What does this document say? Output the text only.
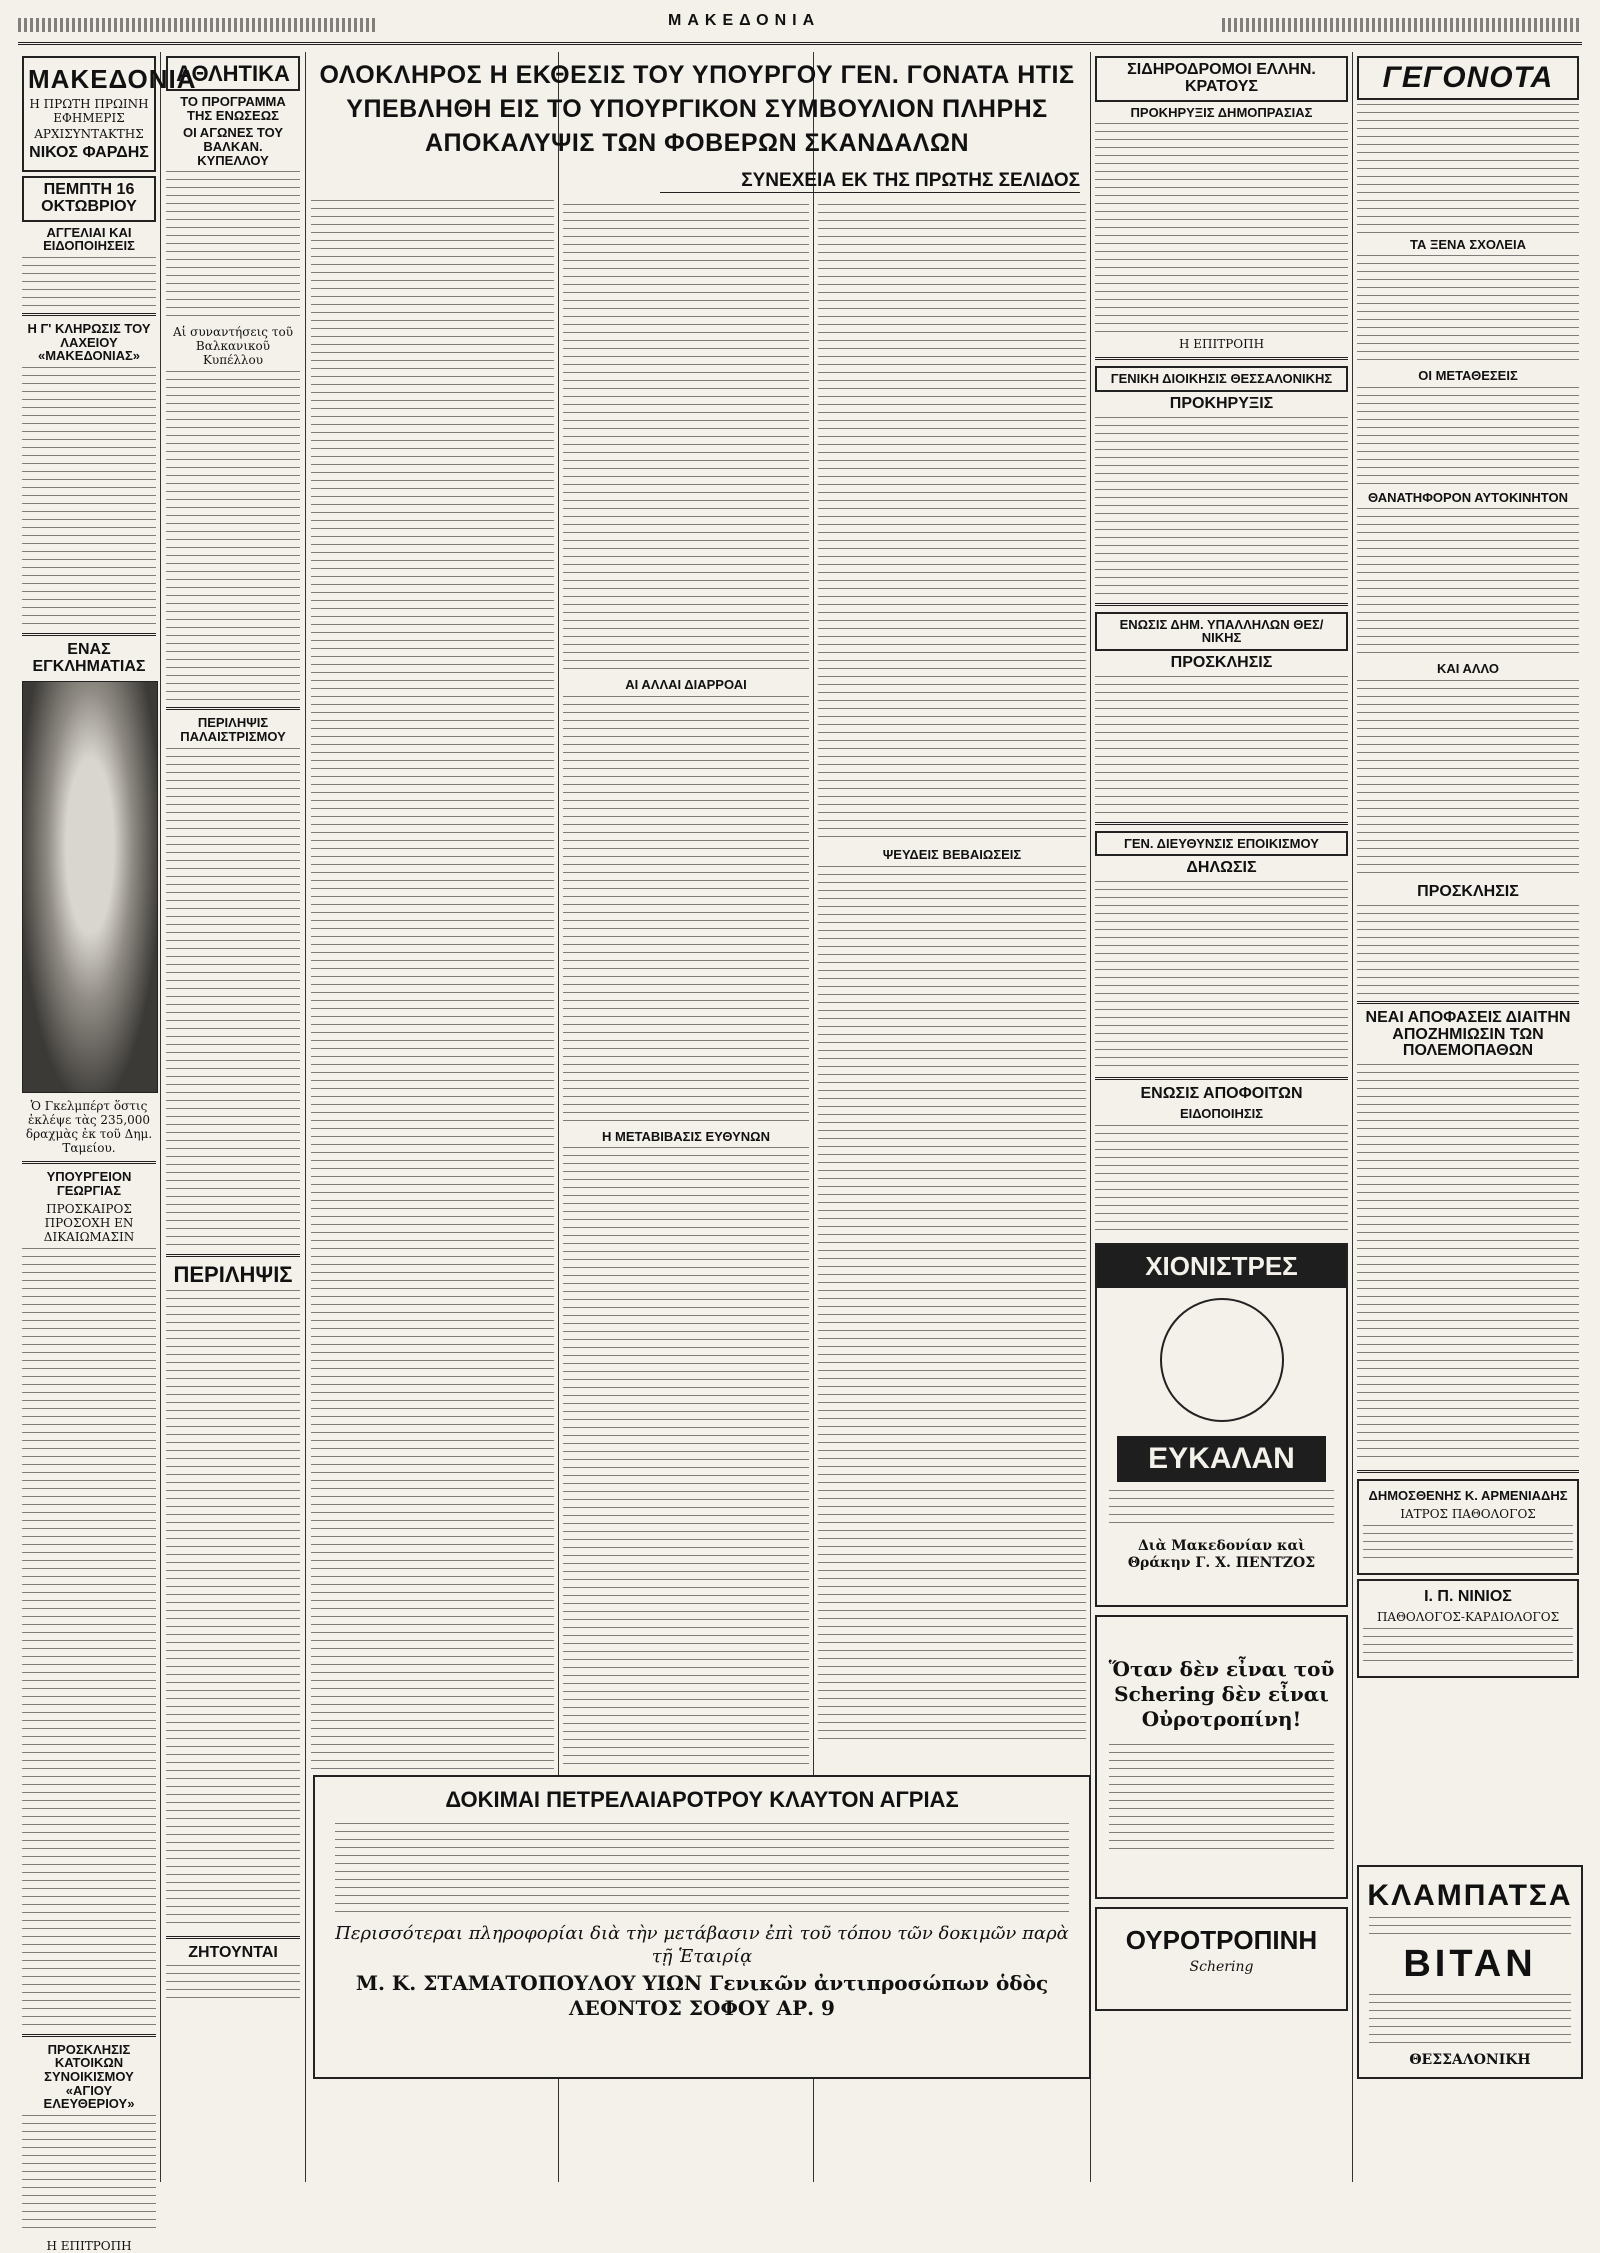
ΜΑΚΕΔΟΝΙΑ
ΜΑΚΕΔΟΝΙΑ
Η ΠΡΩΤΗ ΠΡΩΙΝΗ ΕΦΗΜΕΡΙΣ
ΑΡΧΙΣΥΝΤΑΚΤΗΣ
ΝΙΚΟΣ ΦΑΡΔΗΣ
ΠΕΜΠΤΗ 16 ΟΚΤΩΒΡΙΟΥ
ΑΓΓΕΛΙΑΙ ΚΑΙ ΕΙΔΟΠΟΙΗΣΕΙΣ
Η Γ' ΚΛΗΡΩΣΙΣ ΤΟΥ ΛΑΧΕΙΟΥ «ΜΑΚΕΔΟΝΙΑΣ»
ΕΝΑΣ ΕΓΚΛΗΜΑΤΙΑΣ
Ὁ Γκελμπέρτ ὅστις ἐκλέψε τὰς 235,000 δραχμὰς ἐκ τοῦ Δημ. Ταμείου.
ΥΠΟΥΡΓΕΙΟΝ ΓΕΩΡΓΙΑΣ
ΠΡΟΣΚΑΙΡΟΣ ΠΡΟΣΟΧΗ ΕΝ ΔΙΚΑΙΩΜΑΣΙΝ
ΠΡΟΣΚΛΗΣΙΣ ΚΑΤΟΙΚΩΝ ΣΥΝΟΙΚΙΣΜΟΥ «ΑΓΙΟΥ ΕΛΕΥΘΕΡΙΟΥ»
Η ΕΠΙΤΡΟΠΗ
ΑΘΛΗΤΙΚΑ
ΤΟ ΠΡΟΓΡΑΜΜΑ ΤΗΣ ΕΝΩΣΕΩΣ
ΟΙ ΑΓΩΝΕΣ ΤΟΥ ΒΑΛΚΑΝ. ΚΥΠΕΛΛΟΥ
Αἱ συναντήσεις τοῦ Βαλκανικοῦ Κυπέλλου
ΠΕΡΙΛΗΨΙΣ ΠΑΛΑΙΣΤΡΙΣΜΟΥ
ΠΕΡΙΛΗΨΙΣ
ΖΗΤΟΥΝΤΑΙ
ΟΛΟΚΛΗΡΟΣ Η ΕΚΘΕΣΙΣ ΤΟΥ ΥΠΟΥΡΓΟΥ ΓΕΝ. ΓΟΝΑΤΑ ΗΤΙΣ ΥΠΕΒΛΗΘΗ ΕΙΣ ΤΟ ΥΠΟΥΡΓΙΚΟΝ ΣΥΜΒΟΥΛΙΟΝ ΠΛΗΡΗΣ ΑΠΟΚΑΛΥΨΙΣ ΤΩΝ ΦΟΒΕΡΩΝ ΣΚΑΝΔΑΛΩΝ
ΣΥΝΕΧΕΙΑ ΕΚ ΤΗΣ ΠΡΩΤΗΣ ΣΕΛΙΔΟΣ
ΑΙ ΑΛΛΑΙ ΔΙΑΡΡΟΑΙ
Η ΜΕΤΑΒΙΒΑΣΙΣ ΕΥΘΥΝΩΝ
ΨΕΥΔΕΙΣ ΒΕΒΑΙΩΣΕΙΣ
ΔΟΚΙΜΑΙ ΠΕΤΡΕΛΑΙΑΡΟΤΡΟΥ ΚΛΑΥΤΟΝ ΑΓΡΙΑΣ
Περισσότεραι πληροφορίαι διὰ τὴν μετάβασιν ἐπὶ τοῦ τόπου τῶν δοκιμῶν παρὰ τῇ Ἑταιρίᾳ
Μ. Κ. ΣΤΑΜΑΤΟΠΟΥΛΟΥ ΥΙΩΝ Γενικῶν ἀντιπροσώπων ὁδὸς ΛΕΟΝΤΟΣ ΣΟΦΟΥ ΑΡ. 9
ΣΙΔΗΡΟΔΡΟΜΟΙ ΕΛΛΗΝ. ΚΡΑΤΟΥΣ
ΠΡΟΚΗΡΥΞΙΣ ΔΗΜΟΠΡΑΣΙΑΣ
Η ΕΠΙΤΡΟΠΗ
ΓΕΝΙΚΗ ΔΙΟΙΚΗΣΙΣ ΘΕΣΣΑΛΟΝΙΚΗΣ
ΠΡΟΚΗΡΥΞΙΣ
ΕΝΩΣΙΣ ΔΗΜ. ΥΠΑΛΛΗΛΩΝ ΘΕΣ/ΝΙΚΗΣ
ΠΡΟΣΚΛΗΣΙΣ
ΓΕΝ. ΔΙΕΥΘΥΝΣΙΣ ΕΠΟΙΚΙΣΜΟΥ
ΔΗΛΩΣΙΣ
ΕΝΩΣΙΣ ΑΠΟΦΟΙΤΩΝ
ΕΙΔΟΠΟΙΗΣΙΣ
ΧΙΟΝΙΣΤΡΕΣ
ΕΥΚΑΛΑΝ
Διὰ Μακεδονίαν καὶ Θράκην Γ. Χ. ΠΕΝΤΖΟΣ
Ὅταν δὲν εἶναι τοῦ Schering δὲν εἶναι Οὐροτροπίνη!
ΟΥΡΟΤΡΟΠΙΝΗ
Schering
ΓΕΓΟΝΟΤΑ
ΤΑ ΞΕΝΑ ΣΧΟΛΕΙΑ
ΟΙ ΜΕΤΑΘΕΣΕΙΣ
ΘΑΝΑΤΗΦΟΡΟΝ ΑΥΤΟΚΙΝΗΤΟΝ
ΚΑΙ ΑΛΛΟ
ΠΡΟΣΚΛΗΣΙΣ
ΝΕΑΙ ΑΠΟΦΑΣΕΙΣ ΔΙΑΙΤΗΝ ΑΠΟΖΗΜΙΩΣΙΝ ΤΩΝ ΠΟΛΕΜΟΠΑΘΩΝ
ΔΗΜΟΣΘΕΝΗΣ Κ. ΑΡΜΕΝΙΑΔΗΣ
ΙΑΤΡΟΣ ΠΑΘΟΛΟΓΟΣ
Ι. Π. ΝΙΝΙΟΣ
ΠΑΘΟΛΟΓΟΣ-ΚΑΡΔΙΟΛΟΓΟΣ
ΚΛΑΜΠΑΤΣΑ
ΒΙΤΑΝ
ΘΕΣΣΑΛΟΝΙΚΗ
